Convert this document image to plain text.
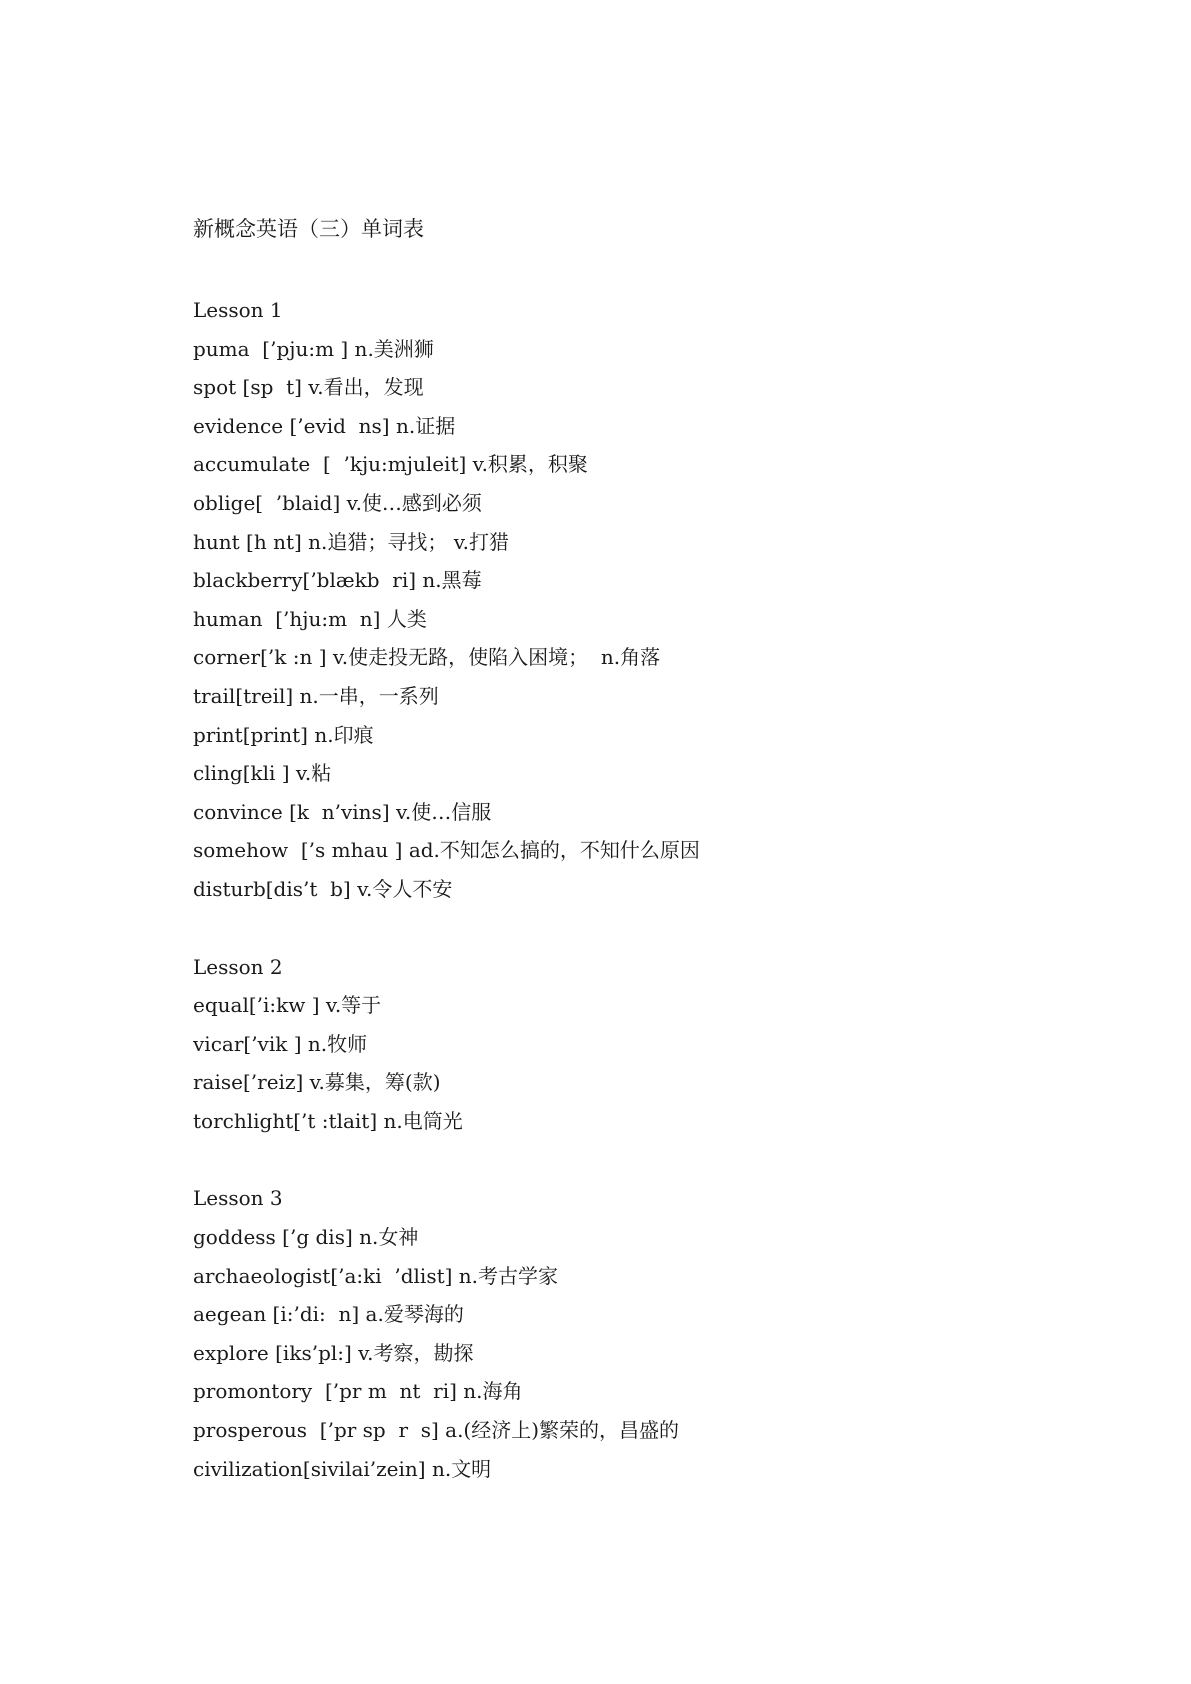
新概念英语（三）单词表
Lesson 1
puma  [’pju:m ] n.美洲狮
spot [sp  t] v.看出，发现
evidence [’evid  ns] n.证据
accumulate  [  ’kju:mjuleit] v.积累，积聚
oblige[  ’blaid] v.使…感到必须
hunt [h nt] n.追猎；寻找； v.打猎
blackberry[’blækb  ri] n.黑莓
human  [’hju:m  n] 人类
corner[’k :n ] v.使走投无路，使陷入困境；  n.角落
trail[treil] n.一串，一系列
print[print] n.印痕
cling[kli ] v.粘
convince [k  n’vins] v.使…信服
somehow  [’s mhau ] ad.不知怎么搞的，不知什么原因
disturb[dis’t  b] v.令人不安
Lesson 2
equal[’i:kw ] v.等于
vicar[’vik ] n.牧师
raise[’reiz] v.募集，筹(款)
torchlight[’t :tlait] n.电筒光
Lesson 3
goddess [’g dis] n.女神
archaeologist[’a:ki  ’dlist] n.考古学家
aegean [i:’di:  n] a.爱琴海的
explore [iks’pl:] v.考察，勘探
promontory  [’pr m  nt  ri] n.海角
prosperous  [’pr sp  r  s] a.(经济上)繁荣的，昌盛的
civilization[sivilai’zein] n.文明
